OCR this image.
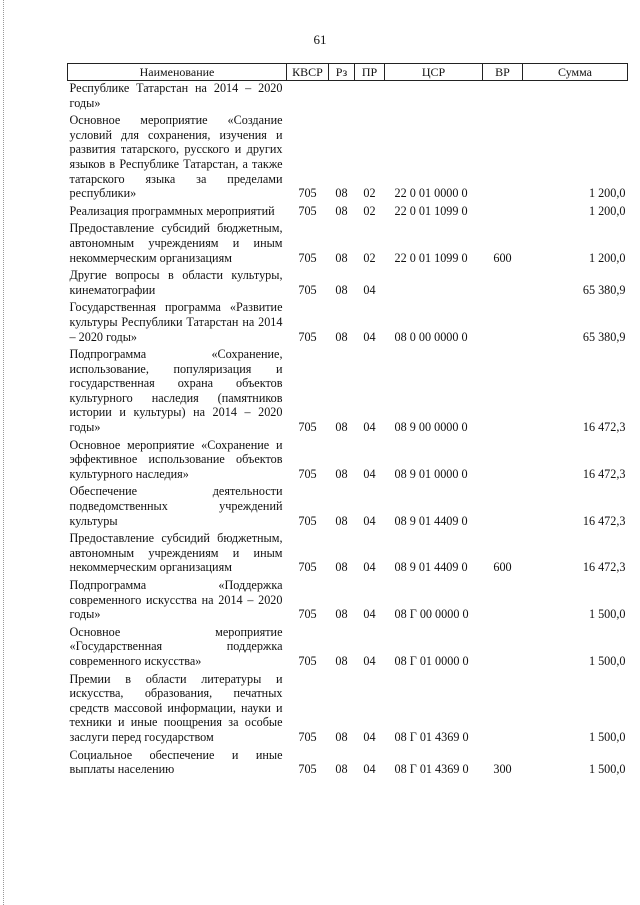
61
Наименование	КВСР	Рз	ПР	ЦСР	ВР	Сумма
Республике Татарстан на 2014 – 2020 годы»						
Основное мероприятие «Создание условий для сохранения, изучения и развития татарского, русского и других языков в Республике Татарстан, а также татарского языка за пределами республики»	705	08	02	22 0 01 0000 0		1 200,0
Реализация программных мероприятий	705	08	02	22 0 01 1099 0		1 200,0
Предоставление субсидий бюджетным, автономным учреждениям и иным некоммерческим организациям	705	08	02	22 0 01 1099 0	600	1 200,0
Другие вопросы в области культуры, кинематографии	705	08	04			65 380,9
Государственная программа «Развитие культуры Республики Татарстан на 2014 – 2020 годы»	705	08	04	08 0 00 0000 0		65 380,9
Подпрограмма «Сохранение, использование, популяризация и государственная охрана объектов культурного наследия (памятников истории и культуры) на 2014 – 2020 годы»	705	08	04	08 9 00 0000 0		16 472,3
Основное мероприятие «Сохранение и эффективное использование объектов культурного наследия»	705	08	04	08 9 01 0000 0		16 472,3
Обеспечение деятельности подведомственных учреждений культуры	705	08	04	08 9 01 4409 0		16 472,3
Предоставление субсидий бюджетным, автономным учреждениям и иным некоммерческим организациям	705	08	04	08 9 01 4409 0	600	16 472,3
Подпрограмма «Поддержка современного искусства на 2014 – 2020 годы»	705	08	04	08 Г 00 0000 0		1 500,0
Основное мероприятие «Государственная поддержка современного искусства»	705	08	04	08 Г 01 0000 0		1 500,0
Премии в области литературы и искусства, образования, печатных средств массовой информации, науки и техники и иные поощрения за особые заслуги перед государством	705	08	04	08 Г 01 4369 0		1 500,0
Социальное обеспечение и иные выплаты населению	705	08	04	08 Г 01 4369 0	300	1 500,0
